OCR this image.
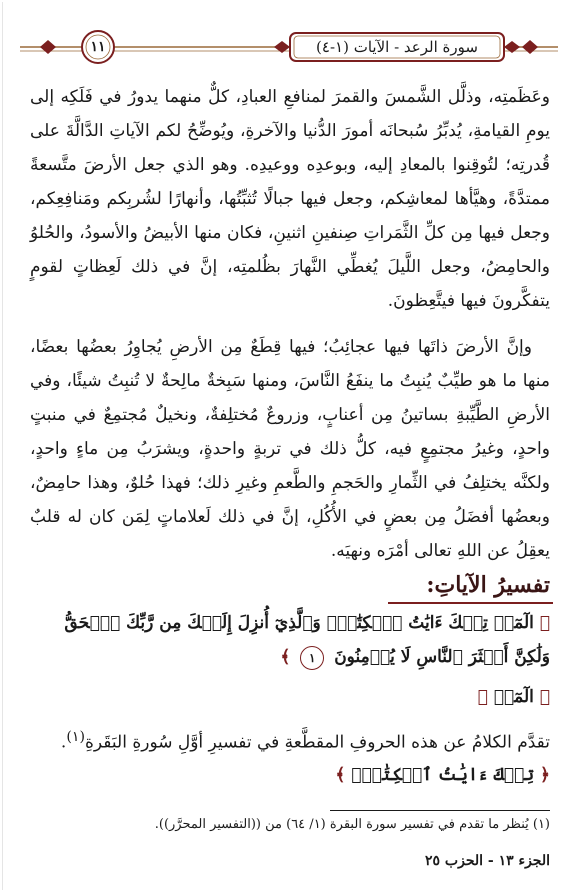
سورة الرعد - الآيات (١-٤)
١١

وعَظَمتِه، وذلَّل الشَّمسَ والقمرَ لمنافعِ العبادِ، كلٌّ منهما يدورُ في فَلَكِه إلى يومِ القيامةِ، يُدبِّرُ سُبحانَه أمورَ الدُّنيا والآخرةِ، ويُوضِّحُ لكم الآياتِ الدَّالَّةَ على قُدرتِه؛ لتُوقِنوا بالمعادِ إليه، وبوعدِه ووعيدِه. وهو الذي جعل الأرضَ متَّسعةً ممتدَّةً، وهيَّأها لمعاشِكم، وجعل فيها جبالًا تُثبِّتُها، وأنهارًا لشُربِكم ومَنافِعِكم، وجعل فيها مِن كلِّ الثَّمَراتِ صِنفينِ اثنينِ، فكان منها الأبيضُ والأسودُ، والحُلوُ والحامِضُ، وجعل اللَّيلَ يُغطِّي النَّهارَ بظُلمتِه، إنَّ في ذلك لَعِظاتٍ لقومٍ يتفكَّرونَ فيها فيتَّعِظونَ.

وإنَّ الأرضَ ذاتَها فيها عجائِبُ؛ فيها قِطَعٌ مِن الأرضِ يُجاوِرُ بعضُها بعضًا، منها ما هو طيِّبٌ يُنبِتُ ما ينفَعُ النَّاسَ، ومنها سَبِخةٌ مالِحةٌ لا تُنبِتُ شيئًا، وفي الأرضِ الطَّيِّبةِ بساتينُ مِن أعنابٍ، وزروعٌ مُختلِفةٌ، ونخيلٌ مُجتمِعٌ في منبتٍ واحدٍ، وغيرُ مجتمِعٍ فيه، كلُّ ذلك في تربةٍ واحدةٍ، ويشرَبُ مِن ماءٍ واحدٍ، ولكنَّه يختلِفُ في الثِّمارِ والحَجمِ والطَّعمِ وغيرِ ذلك؛ فهذا حُلوٌ، وهذا حامِضٌ، وبعضُها أفضَلُ مِن بعضٍ في الأُكُلِ، إنَّ في ذلك لَعلاماتٍ لِمَن كان له قلبٌ يعقِلُ عن اللهِ تعالى أمْرَه ونهيَه.

تفسيرُ الآياتِ:
﴿ الٓمٓرۚ تِلۡكَ ءَايَٰتُ ٱلۡكِتَٰبِۗ وَٱلَّذِيٓ أُنزِلَ إِلَيۡكَ مِن رَّبِّكَ ٱلۡحَقُّ وَلَٰكِنَّ أَكۡثَرَ ٱلنَّاسِ لَا يُؤۡمِنُونَ ١ ﴾
﴿ الٓمٓرۚ ﴾
تقدَّم الكلامُ عن هذه الحروفِ المقطَّعةِ في تفسيرِ أوَّلِ سُورةِ البَقَرةِ$^{(١)}$.
﴿ تِلۡكَ ءَايَٰتُ ٱلۡكِتَٰبِۗ ﴾
(١) يُنظر ما تقدم في تفسير سورة البقرة (١/ ٦٤) من ((التفسير المحرَّر)).
الجزء ١٣ - الحزب ٢٥
